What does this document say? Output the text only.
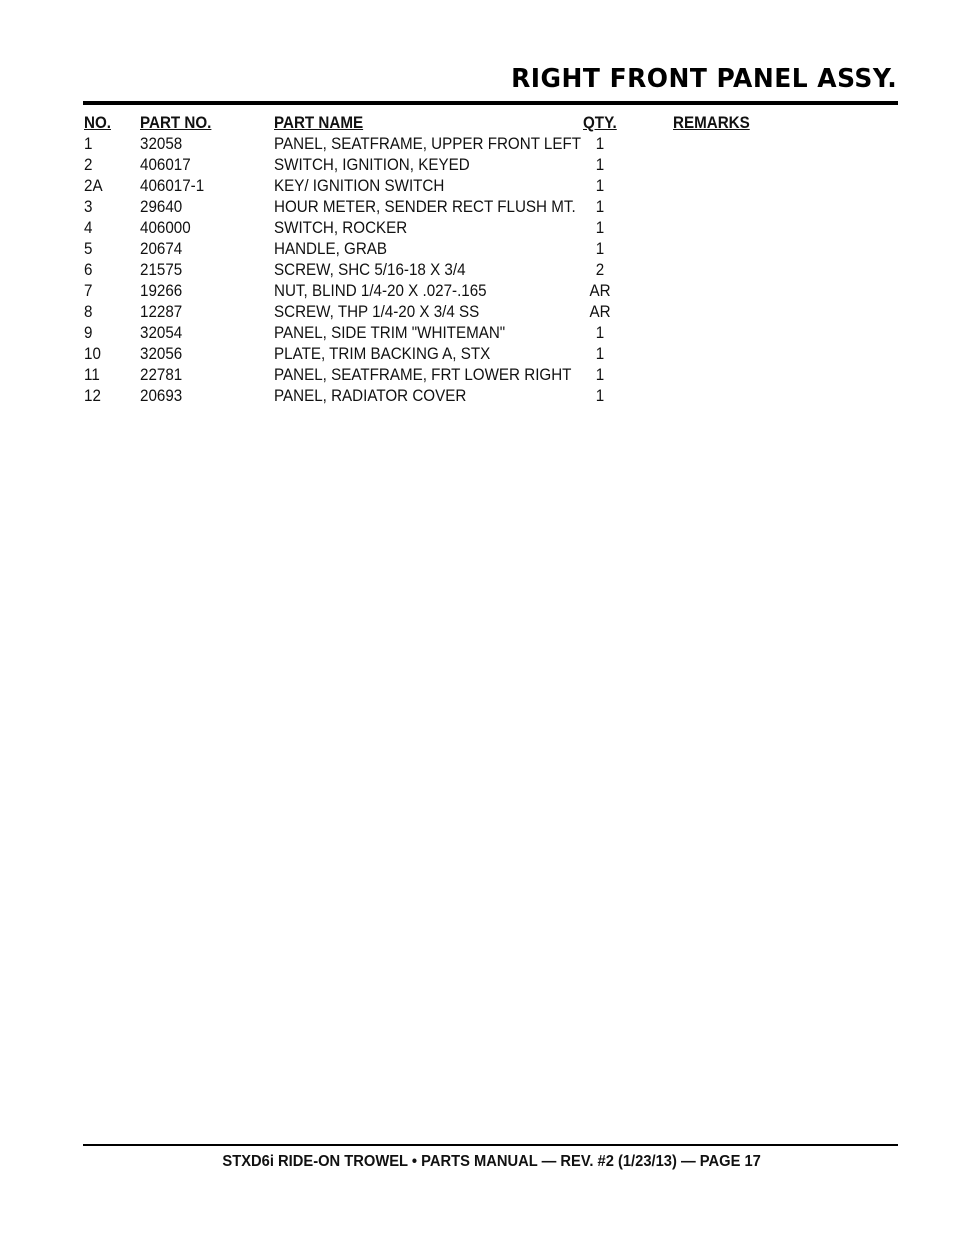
RIGHT FRONT PANEL ASSY.
NO. PART NO.	PART NAME	QTY.	REMARKS
1	32058	PANEL, SEATFRAME, UPPER FRONT LEFT 1
2	406017	SWITCH, IGNITION, KEYED	1
2A 406017-1	KEY/ IGNITION SWITCH	1
3	29640	HOUR METER, SENDER RECT FLUSH MT.	1
4	406000	SWITCH, ROCKER	1
5	20674	HANDLE, GRAB	1
6	21575	SCREW, SHC 5/16-18 X 3/4	2
7	19266	NUT, BLIND 1/4-20 X .027-.165	AR
8	12287	SCREW, THP 1/4-20 X 3/4 SS	AR
9	32054	PANEL, SIDE TRIM "WHITEMAN"	1
10 32056	PLATE, TRIM BACKING A, STX	1
11 22781	PANEL, SEATFRAME, FRT LOWER RIGHT	1
12 20693	PANEL, RADIATOR COVER	1
STXD6i RIDE-ON TROWEL • PARTS MANUAL — REV. #2 (1/23/13) — PAGE 17
